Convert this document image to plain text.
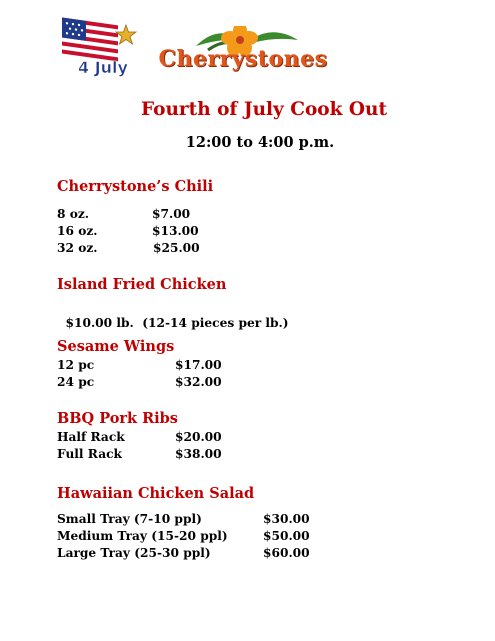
4 July	Cherrystones
Fourth of July Cook Out
12:00 to 4:00 p.m.
Cherrystone’s Chili
8 oz.	$7.00
16 oz.	$13.00
32 oz.	$25.00
Island Fried Chicken

$10.00 lb.  (12-14 pieces per lb.)

Sesame Wings
12 pc	$17.00
24 pc	$32.00
BBQ Pork Ribs
Half Rack	$20.00
Full Rack	$38.00
Hawaiian Chicken Salad
Small Tray (7-10 ppl)	$30.00
Medium Tray (15-20 ppl)	$50.00
Large Tray (25-30 ppl)	$60.00
